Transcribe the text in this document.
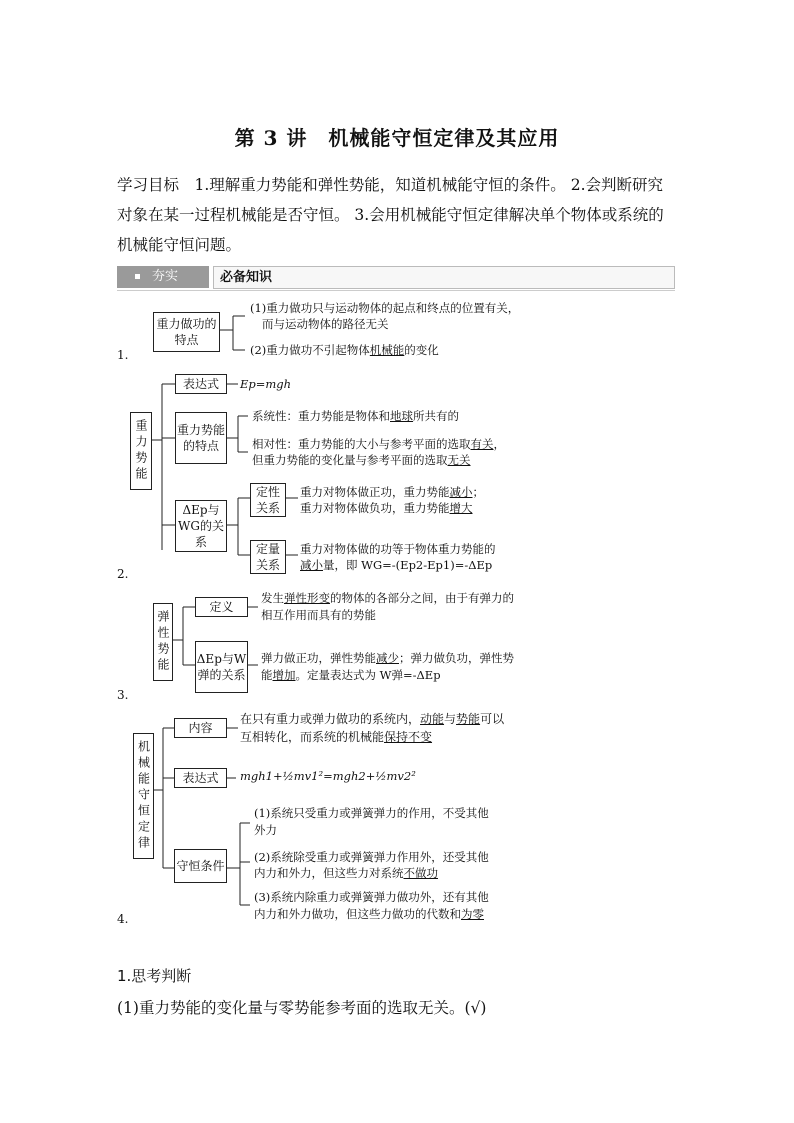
第 3 讲　机械能守恒定律及其应用
学习目标　1.理解重力势能和弹性势能，知道机械能守恒的条件。 2.会判断研究
对象在某一过程机械能是否守恒。 3.会用机械能守恒定律解决单个物体或系统的
机械能守恒问题。
夯实	必备知识
1.
重力做功的特点
(1)重力做功只与运动物体的起点和终点的位置有关，
而与运动物体的路径无关
(2)重力做功不引起物体机械能的变化
2.
重力势能
表达式	Ep=mgh
重力势能的特点
系统性：重力势能是物体和地球所共有的
相对性：重力势能的大小与参考平面的选取有关，
但重力势能的变化量与参考平面的选取无关
ΔEp与WG的关系
定性关系
重力对物体做正功，重力势能减小；
重力对物体做负功，重力势能增大
定量关系
重力对物体做的功等于物体重力势能的
减小量，即 WG=-(Ep2-Ep1)=-ΔEp
3.
弹性势能
定义
发生弹性形变的物体的各部分之间，由于有弹力的
相互作用而具有的势能
ΔEp与W弹的关系
弹力做正功，弹性势能减少；弹力做负功，弹性势
能增加。定量表达式为 W弹=-ΔEp
4.
机械能守恒定律
内容
在只有重力或弹力做功的系统内，动能与势能可以
互相转化，而系统的机械能保持不变
表达式	mgh1+½mv1²=mgh2+½mv2²
守恒条件
(1)系统只受重力或弹簧弹力的作用，不受其他
外力
(2)系统除受重力或弹簧弹力作用外，还受其他
内力和外力，但这些力对系统不做功
(3)系统内除重力或弹簧弹力做功外，还有其他
内力和外力做功，但这些力做功的代数和为零
1.思考判断
(1)重力势能的变化量与零势能参考面的选取无关。(√)
